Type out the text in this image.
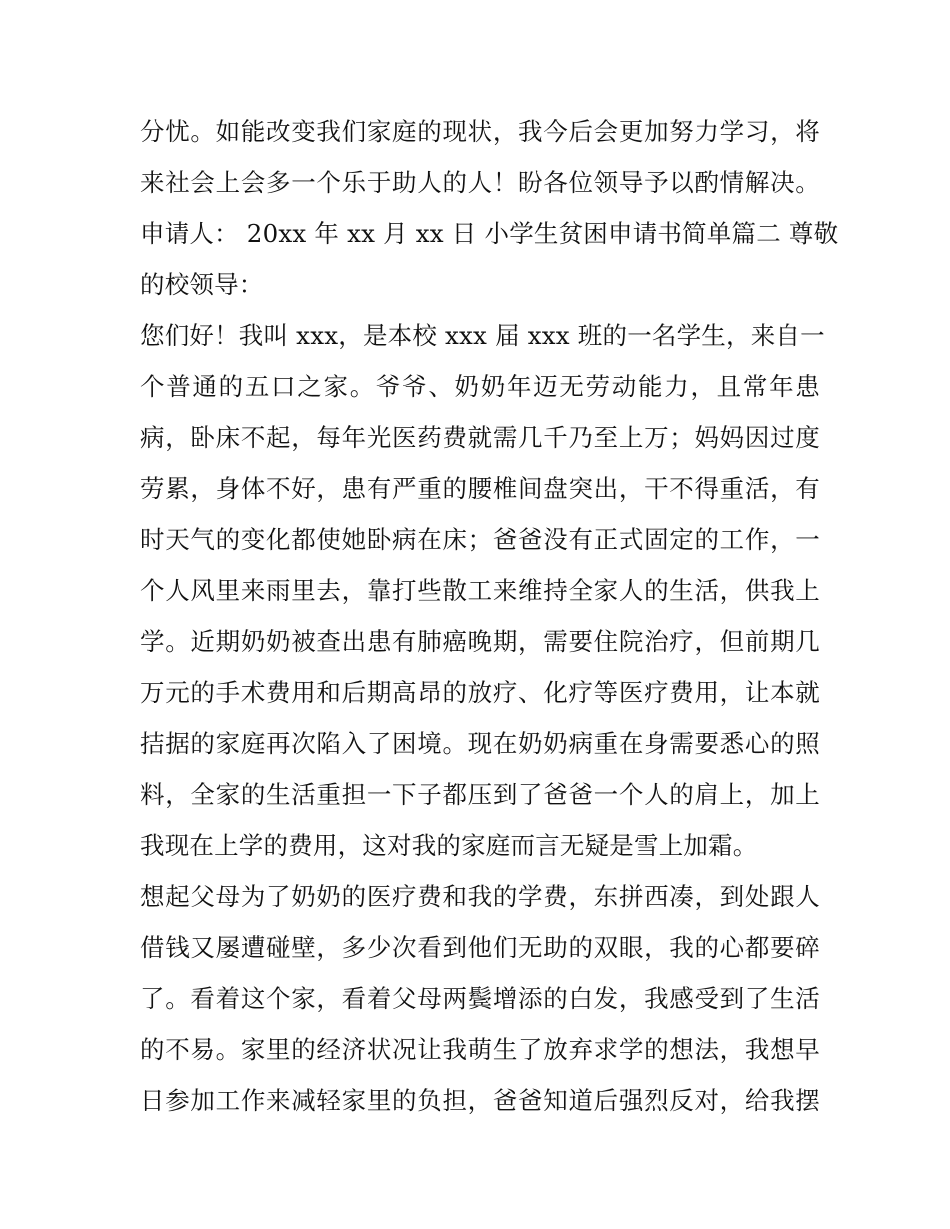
分忧。如能改变我们家庭的现状，我今后会更加努力学习，将
来社会上会多一个乐于助人的人！盼各位领导予以酌情解决。
申请人： 20xx 年 xx 月 xx 日 小学生贫困申请书简单篇二 尊敬
的校领导：
您们好！我叫 xxx，是本校 xxx 届 xxx 班的一名学生，来自一
个普通的五口之家。爷爷、奶奶年迈无劳动能力，且常年患
病，卧床不起，每年光医药费就需几千乃至上万；妈妈因过度
劳累，身体不好，患有严重的腰椎间盘突出，干不得重活，有
时天气的变化都使她卧病在床；爸爸没有正式固定的工作，一
个人风里来雨里去，靠打些散工来维持全家人的生活，供我上
学。近期奶奶被查出患有肺癌晚期，需要住院治疗，但前期几
万元的手术费用和后期高昂的放疗、化疗等医疗费用，让本就
拮据的家庭再次陷入了困境。现在奶奶病重在身需要悉心的照
料，全家的生活重担一下子都压到了爸爸一个人的肩上，加上
我现在上学的费用，这对我的家庭而言无疑是雪上加霜。
想起父母为了奶奶的医疗费和我的学费，东拼西凑，到处跟人
借钱又屡遭碰壁，多少次看到他们无助的双眼，我的心都要碎
了。看着这个家，看着父母两鬓增添的白发，我感受到了生活
的不易。家里的经济状况让我萌生了放弃求学的想法，我想早
日参加工作来减轻家里的负担，爸爸知道后强烈反对，给我摆
